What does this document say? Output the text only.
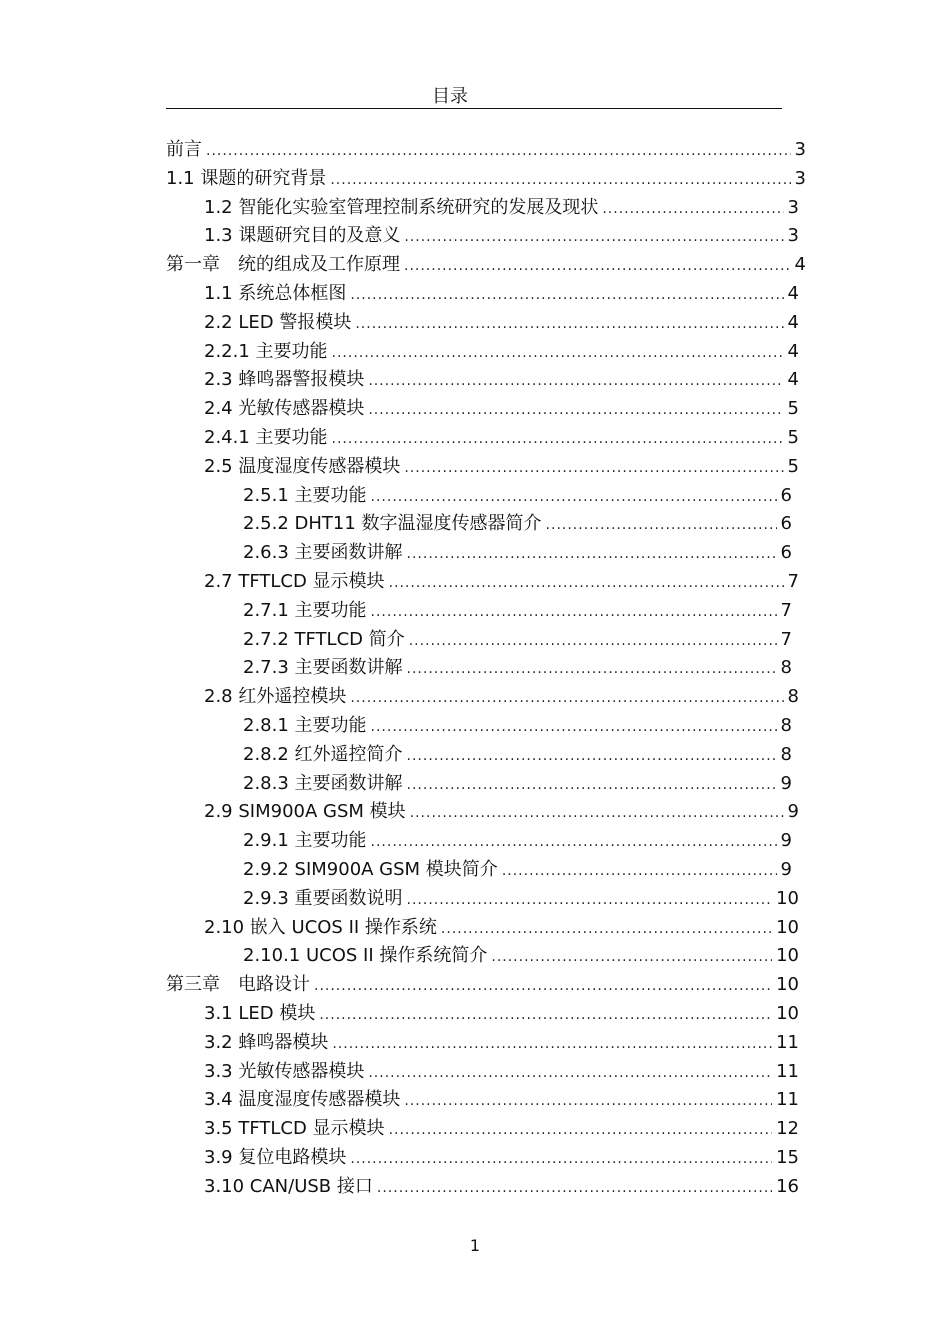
目录
前言 .....	3
1.1 课题的研究背景 .....	3
1.2 智能化实验室管理控制系统研究的发展及现状 .....	3
1.3 课题研究目的及意义 .....	3
第一章　统的组成及工作原理 .....	4
1.1 系统总体框图 .....	4
2.2 LED 警报模块 .....	4
2.2.1 主要功能 .....	4
2.3 蜂鸣器警报模块 .....	4
2.4 光敏传感器模块 .....	5
2.4.1 主要功能 .....	5
2.5 温度湿度传感器模块 .....	5
2.5.1 主要功能 .....	6
2.5.2 DHT11 数字温湿度传感器简介 .....	6
2.6.3 主要函数讲解 .....	6
2.7 TFTLCD 显示模块 .....	7
2.7.1 主要功能 .....	7
2.7.2 TFTLCD 简介 .....	7
2.7.3 主要函数讲解 .....	8
2.8 红外遥控模块 .....	8
2.8.1 主要功能 .....	8
2.8.2 红外遥控简介 .....	8
2.8.3 主要函数讲解 .....	9
2.9 SIM900A GSM 模块 .....	9
2.9.1 主要功能 .....	9
2.9.2 SIM900A GSM 模块简介 .....	9
2.9.3 重要函数说明 .....	10
2.10 嵌入 UCOS II 操作系统 .....	10
2.10.1 UCOS II 操作系统简介 .....	10
第三章　电路设计 .....	10
3.1 LED 模块 .....	10
3.2 蜂鸣器模块 .....	11
3.3 光敏传感器模块 .....	11
3.4 温度湿度传感器模块 .....	11
3.5 TFTLCD 显示模块 .....	12
3.9 复位电路模块 .....	15
3.10 CAN/USB 接口 .....	16
1
